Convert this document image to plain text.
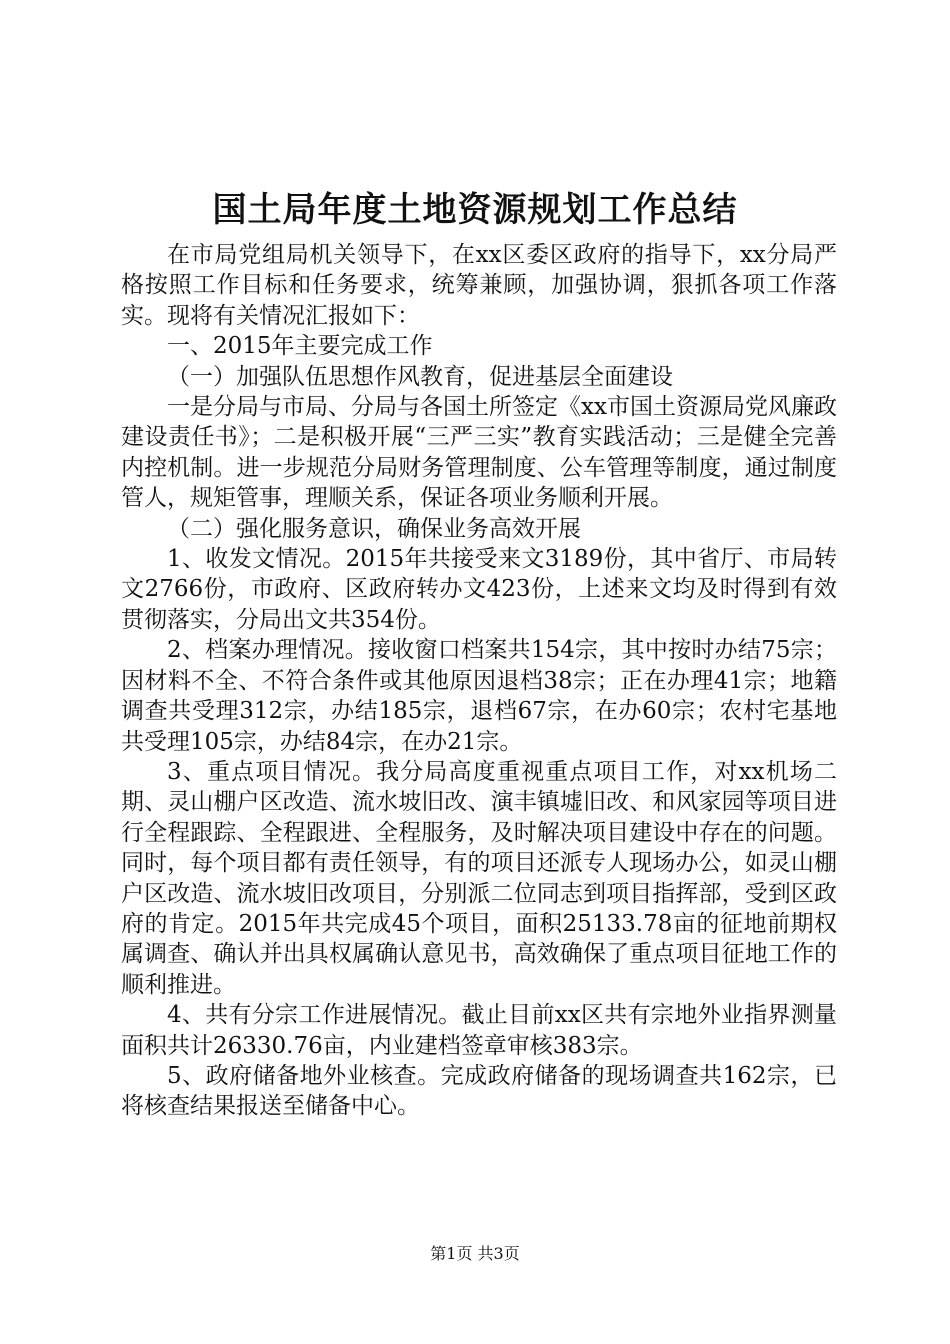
国土局年度土地资源规划工作总结

在市局党组局机关领导下，在xx区委区政府的指导下，xx分局严格按照工作目标和任务要求，统筹兼顾，加强协调，狠抓各项工作落实。现将有关情况汇报如下：

一、2015年主要完成工作

（一）加强队伍思想作风教育，促进基层全面建设

一是分局与市局、分局与各国土所签定《xx市国土资源局党风廉政建设责任书》；二是积极开展“三严三实”教育实践活动；三是健全完善内控机制。进一步规范分局财务管理制度、公车管理等制度，通过制度管人，规矩管事，理顺关系，保证各项业务顺利开展。

（二）强化服务意识，确保业务高效开展

1、收发文情况。2015年共接受来文3189份，其中省厅、市局转文2766份，市政府、区政府转办文423份，上述来文均及时得到有效贯彻落实，分局出文共354份。

2、档案办理情况。接收窗口档案共154宗，其中按时办结75宗；因材料不全、不符合条件或其他原因退档38宗；正在办理41宗；地籍调查共受理312宗，办结185宗，退档67宗，在办60宗；农村宅基地共受理105宗，办结84宗，在办21宗。

3、重点项目情况。我分局高度重视重点项目工作，对xx机场二期、灵山棚户区改造、流水坡旧改、演丰镇墟旧改、和风家园等项目进行全程跟踪、全程跟进、全程服务，及时解决项目建设中存在的问题。同时，每个项目都有责任领导，有的项目还派专人现场办公，如灵山棚户区改造、流水坡旧改项目，分别派二位同志到项目指挥部，受到区政府的肯定。2015年共完成45个项目，面积25133.78亩的征地前期权属调查、确认并出具权属确认意见书，高效确保了重点项目征地工作的顺利推进。

4、共有分宗工作进展情况。截止目前xx区共有宗地外业指界测量面积共计26330.76亩，内业建档签章审核383宗。

5、政府储备地外业核查。完成政府储备的现场调查共162宗，已将核查结果报送至储备中心。

第1页 共3页
